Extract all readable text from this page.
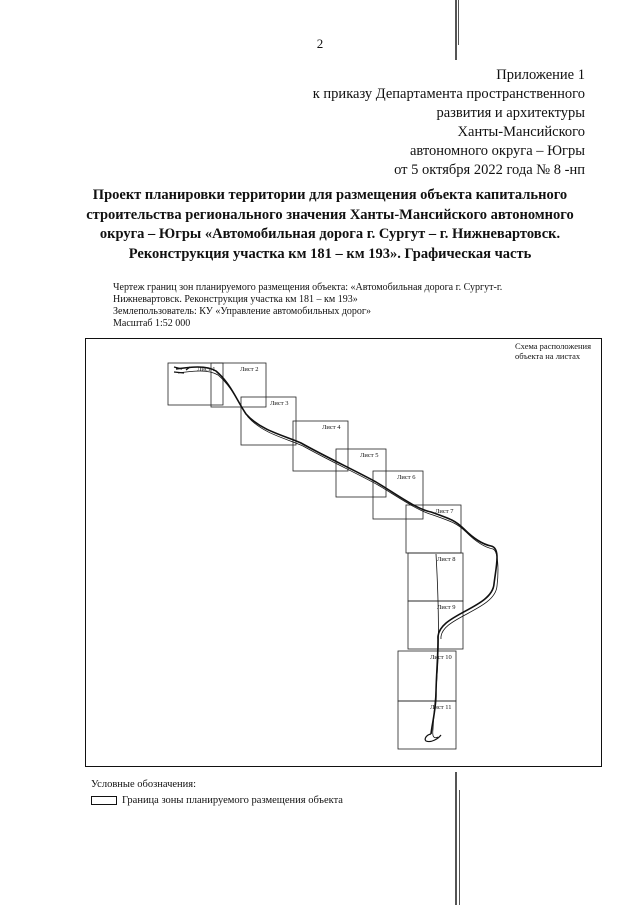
2
Приложение 1
к приказу Департамента пространственного
развития и архитектуры
Ханты-Мансийского
автономного округа – Югры
от 5 октября 2022 года № 8 -нп
Проект планировки территории для размещения объекта капитального
строительства регионального значения Ханты-Мансийского автономного
округа – Югры «Автомобильная дорога г. Сургут – г. Нижневартовск.
Реконструкция участка км 181 – км 193». Графическая часть
Чертеж границ зон планируемого размещения объекта: «Автомобильная дорога г. Сургут-г.
Нижневартовск. Реконструкция участка км 181 – км 193»
Землепользователь: КУ «Управление автомобильных дорог»
Масштаб 1:52 000
Лист 1	Лист 2
Лист 3
Лист 4
Лист 5
Лист 6
Лист 7
Лист 8
Лист 9
Лист 10
Лист 11
Схема расположения
объекта на листах
Условные обозначения:
Граница зоны планируемого размещения объекта
